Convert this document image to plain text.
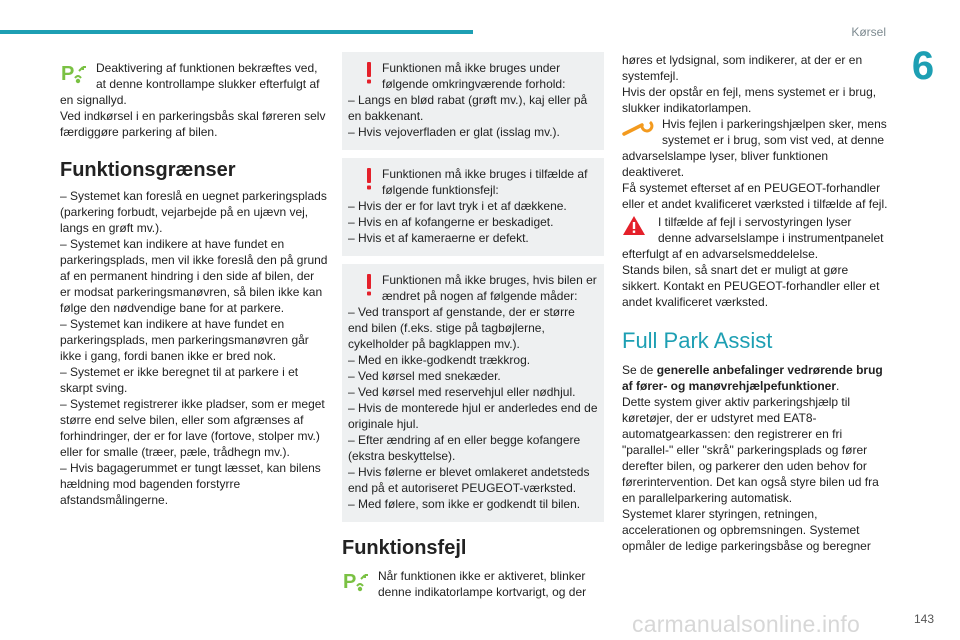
Kørsel
6
P	Deaktivering af funktionen bekræftes ved, at denne kontrollampe slukker efterfulgt af en signallyd.
Ved indkørsel i en parkeringsbås skal føreren selv færdiggøre parkering af bilen.

Funktionsgrænser

– Systemet kan foreslå en uegnet parkeringsplads (parkering forbudt, vejarbejde på en ujævn vej, langs en grøft mv.).
– Systemet kan indikere at have fundet en parkeringsplads, men vil ikke foreslå den på grund af en permanent hindring i den side af bilen, der er modsat parkeringsmanøvren, så bilen ikke kan følge den nødvendige bane for at parkere.
– Systemet kan indikere at have fundet en parkeringsplads, men parkeringsmanøvren går ikke i gang, fordi banen ikke er bred nok.
– Systemet er ikke beregnet til at parkere i et skarpt sving.
– Systemet registrerer ikke pladser, som er meget større end selve bilen, eller som afgrænses af forhindringer, der er for lave (fortove, stolper mv.) eller for smalle (træer, pæle, trådhegn mv.).
– Hvis bagagerummet er tungt læsset, kan bilens hældning mod bagenden forstyrre afstandsmålingerne.

Funktionen må ikke bruges under følgende omkringværende forhold:
– Langs en blød rabat (grøft mv.), kaj eller på en bakkenant.
– Hvis vejoverfladen er glat (isslag mv.).

Funktionen må ikke bruges i tilfælde af følgende funktionsfejl:
– Hvis der er for lavt tryk i et af dækkene.
– Hvis en af kofangerne er beskadiget.
– Hvis et af kameraerne er defekt.

Funktionen må ikke bruges, hvis bilen er ændret på nogen af følgende måder:
– Ved transport af genstande, der er større end bilen (f.eks. stige på tagbøjlerne, cykelholder på bagklappen mv.).
– Med en ikke-godkendt trækkrog.
– Ved kørsel med snekæder.
– Ved kørsel med reservehjul eller nødhjul.
– Hvis de monterede hjul er anderledes end de originale hjul.
– Efter ændring af en eller begge kofangere (ekstra beskyttelse).
– Hvis følerne er blevet omlakeret andetsteds end på et autoriseret PEUGEOT-værksted.
– Med følere, som ikke er godkendt til bilen.

Funktionsfejl
P	Når funktionen ikke er aktiveret, blinker denne indikatorlampe kortvarigt, og der

høres et lydsignal, som indikerer, at der er en systemfejl.
Hvis der opstår en fejl, mens systemet er i brug, slukker indikatorlampen.

Hvis fejlen i parkeringshjælpen sker, mens systemet er i brug, som vist ved, at denne advarselslampe lyser, bliver funktionen deaktiveret.
Få systemet efterset af en PEUGEOT-forhandler eller et andet kvalificeret værksted i tilfælde af fejl.

I tilfælde af fejl i servostyringen lyser denne advarselslampe i instrumentpanelet efterfulgt af en advarselsmeddelelse.
Stands bilen, så snart det er muligt at gøre sikkert. Kontakt en PEUGEOT-forhandler eller et andet kvalificeret værksted.

Full Park Assist

Se de generelle anbefalinger vedrørende brug af fører- og manøvrehjælpefunktioner.

Dette system giver aktiv parkeringshjælp til køretøjer, der er udstyret med EAT8-automatgearkassen: den registrerer en fri "parallel-" eller "skrå" parkeringsplads og fører derefter bilen, og parkerer den uden behov for førerintervention. Det kan også styre bilen ud fra en parallelparkering automatisk.
Systemet klarer styringen, retningen, accelerationen og opbremsningen. Systemet opmåler de ledige parkeringsbåse og beregner

carmanualsonline.info	143
